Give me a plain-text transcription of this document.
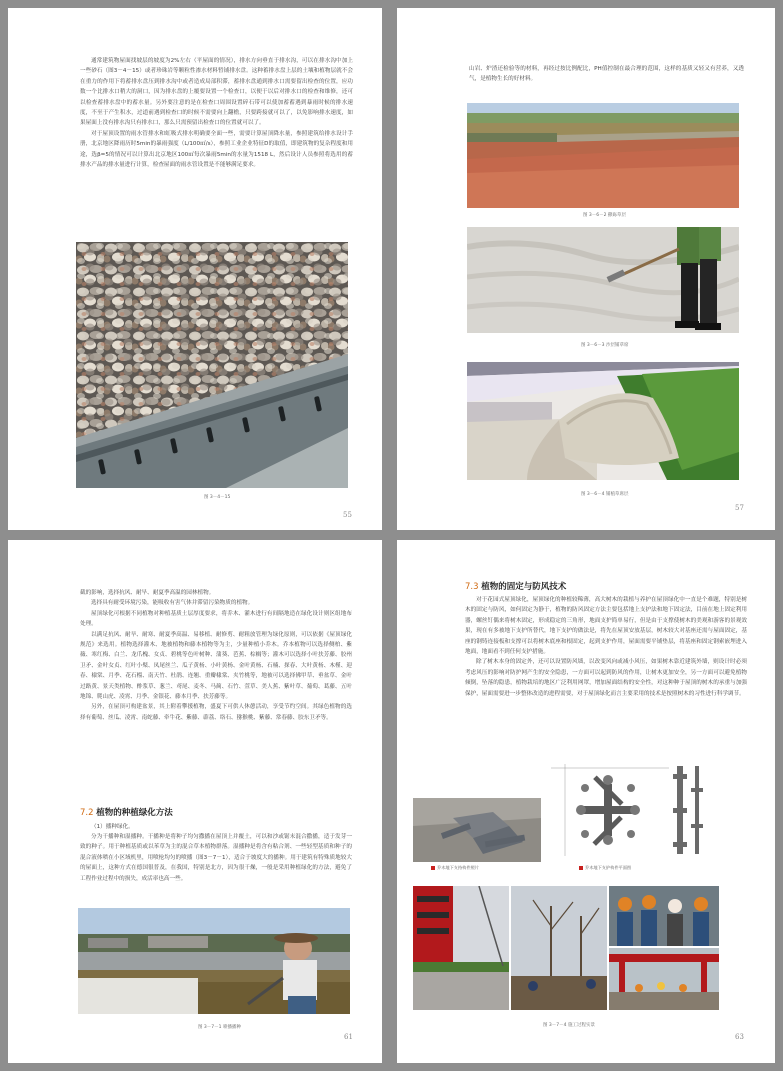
通常建筑物屋面找坡层的坡度为2%左右（平屋面的情况），排水方向垂直于排水沟，可以在排水沟中加上一些砂石（图3－4－15）或者珍珠岩等颗粒性渗水材料暂铺排水盘。这种蓄排水盘上层的土壤和植物层就不会在重力的作用下将蓄排水盘压到排水沟中或者造成局部积滞，蓄排水盘通到排水口需要留出检查的位置，应功数一个比排水口稍大的洞口，因为排水盘的上覆要设置一个检查口，以便于以后对排水口的检查和维修，还可以检查蓄排水盘中的蓄水量。另外要注意的是在检查口周围设置碎石带可以使加蓄蓄遇到暴雨时候的排水速度，不至于产生积水，过道前遇到检查口的时候不需要向上翻檐，只要跨接就可以了，以免影响排水速度，如果屋面上没有排水沟只有排水口，那么只需预留出检查口的位置就可以了。

对于屋顶设置的雨水管排水和虹吸式排水明确要全面一些，需要计算屋顶降水量，参照建筑给排水设计手册，北京地区降雨历时5min的暴雨强度（L/100㎡/s），参照工业企业特征D的取值，即建筑物的复杂程度和用途，选β=5的情况可以计算出北京地区100㎡每次暴雨5min的水量为1518 L，然后设计人员参照将选用的蓄排水产品的排水量进行计算，检查屋面的雨水管设置是不能够满足要求。

图 3－4－15
55

山岩、炉渣还检验等的材料，再经过按比例配比，PH值控制在最合理的范围，这样的基质又轻又有营养，又透气，是植物生长的好材料。

图 3－6－2 撒砾草层
图 3－6－3 沙层铺草席
图 3－6－4 铺植草席层
57

截的影响，选择抗风、耐旱、耐夏季高温的园林植物。

选择具有耐受环境污染，能吸收有害气体并滞留污染物质的植物。

屋顶绿化可根据不同植物对种植基质土层厚度要求，将乔木、灌木进行有间隔地造在绿化设计则区组地布处理。

以满足抗风、耐旱、耐寒、耐夏季高温、易移植、耐修剪、耐粗放管理为绿化原则，可以依据《屋顶绿化规范》来选用。植物选择灌木、地被植物和藤本植物等为主，少量种植小乔木。乔本植物可以选择侧柏、紫薇、寒红梅、白兰、龙爪槐、女贞、碧桃等色叶树种、蒲葵、芭蕉、棕榈等；灌木可以选择小叶扶芳藤、胶州卫矛、金叶女贞、红叶小檗、凤尾丝兰、瓜子黄杨、小叶黄杨、金叶黄杨、石楠、探春、大叶黄杨、木槿、迎春、棣棠、月季、花石榴、南天竹、杜鹃、连翘、重瓣棣棠、夹竹桃等，地被可以选择佛甲草、垂盆草、金叶过路黄、景天类植物、酢浆草、葱兰、鸢尾、麦冬、马蔺、石竹、萱草、美人蕉、紫叶草、葡萄、葛藤、五叶地锦、爬山虎、凌霄、月季、金银花、藤本月季、扶芳藤等。

另外，在屋顶可构建盆景，其上附着攀援植物，盛夏下可供人休憩活动，享受节约空间。其绿色植物的选择有葡萄、丝瓜、凌霄、南蛇藤、牵牛花、紫藤、薜荔、络石、猕猴桃、紫藤、常春藤、胶东卫矛等。

7.2 植物的种植绿化方法
（1）播种绿化。

分为干播种和湿播种。干播种是将种子均匀撒播在屋顶上并覆土，可以和沙或锯末混合撒播，适于发芽一致的种子。用于种植基质或以苯草为主的混合草本植物群落。湿播种是将含有粘合剂、一些轻型基质和种子的混合液体喷在小区域机里，用喷枪均匀的喷播（图3－7－1），适合于坡度大的播种。用于建筑有特殊质地较大的屋面上，这种方式在德国很普及，在我国，特别是北方，因为很干燥，一般是采用种植绿化的方法，避免了工程作业过程中的损失，成活率也高一些。

图 3－7－1 喷播播种
61
7.3 植物的固定与防风技术

对于花园式屋顶绿化，屋顶绿化的种植较稀薄，高大树木的栽植与养护在屋顶绿化中一直是个难题，特别是树木的固定与防风，如何固定为静于，植物的防风固定方法主要包括地上支护法和地下固定法，目前在地上固定利用器，螺丝钉偶来将树木固定，形成稳定的三角形，地面支护简单易行，但是由于支撑使树木的美观和游客的景观效果，现在有多被地下支护所替代，地下支护的做法是，将先在屋顶安放基层，树木较大对基座还需与屋面固定，基座的钢铸连接板和支撑可以将树木底座和根固定，起到支护作用，屋面需要平铺垫层，将基座和固定钢索嵌埋进入地面，地面看不到任何支护措施。

除了树木本身的固定外，还可以设置防风墙，以改变风向或减小风压，如果树木靠近建筑外墙，则设计时必须考虑风压的影响对防护网产生的安全隐患，一方面可以起到防风的作用，让树木更加安全，另一方面可以避免植物倾倒，坠落的隐患，植物栽培的地区广泛利用网罩，增加屋面结构的安全性，对这种种于屋顶的树木的承重与加强保护，屋面需要进一步整体改造的进程需要，对于屋顶绿化而言主要采用的技术是按照树木的习性进行科学调节。

乔木地下支持构件照片	乔木地下支护构件平面图
图 3－7－4 施工过程实景
63
